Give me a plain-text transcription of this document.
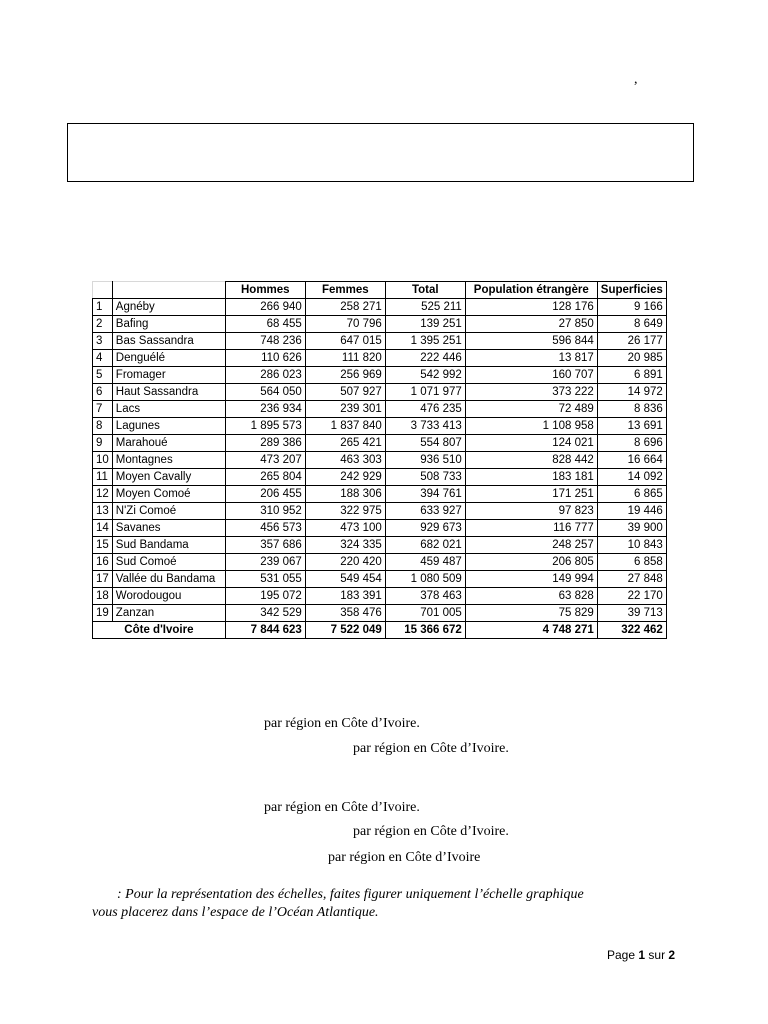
,
		Hommes	Femmes	Total	Population étrangère	Superficies
1	Agnéby	266 940	258 271	525 211	128 176	9 166
2	Bafing	68 455	70 796	139 251	27 850	8 649
3	Bas Sassandra	748 236	647 015	1 395 251	596 844	26 177
4	Denguélé	110 626	111 820	222 446	13 817	20 985
5	Fromager	286 023	256 969	542 992	160 707	6 891
6	Haut Sassandra	564 050	507 927	1 071 977	373 222	14 972
7	Lacs	236 934	239 301	476 235	72 489	8 836
8	Lagunes	1 895 573	1 837 840	3 733 413	1 108 958	13 691
9	Marahoué	289 386	265 421	554 807	124 021	8 696
10	Montagnes	473 207	463 303	936 510	828 442	16 664
11	Moyen Cavally	265 804	242 929	508 733	183 181	14 092
12	Moyen Comoé	206 455	188 306	394 761	171 251	6 865
13	N'Zi Comoé	310 952	322 975	633 927	97 823	19 446
14	Savanes	456 573	473 100	929 673	116 777	39 900
15	Sud Bandama	357 686	324 335	682 021	248 257	10 843
16	Sud Comoé	239 067	220 420	459 487	206 805	6 858
17	Vallée du Bandama	531 055	549 454	1 080 509	149 994	27 848
18	Worodougou	195 072	183 391	378 463	63 828	22 170
19	Zanzan	342 529	358 476	701 005	75 829	39 713
Côte d'Ivoire		7 844 623	7 522 049	15 366 672	4 748 271	322 462
par région en Côte d’Ivoire.
par région en Côte d’Ivoire.
par région en Côte d’Ivoire.
par région en Côte d’Ivoire.
par région en Côte d’Ivoire
: Pour la représentation des échelles, faites figurer uniquement l’échelle graphique
vous placerez dans l’espace de l’Océan Atlantique.
Page 1 sur 2
